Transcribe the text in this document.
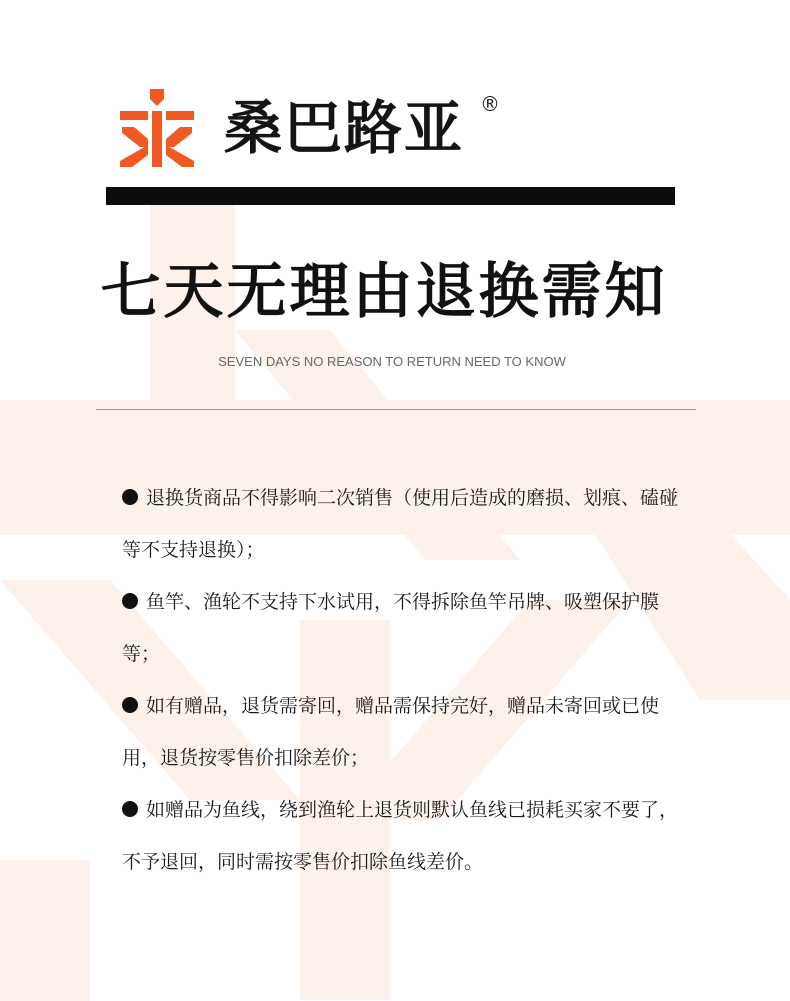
桑巴路亚 ®
七天无理由退换需知
SEVEN DAYS NO REASON TO RETURN NEED TO KNOW

退换货商品不得影响二次销售（使用后造成的磨损、划痕、磕碰等不支持退换）；

鱼竿、渔轮不支持下水试用，不得拆除鱼竿吊牌、吸塑保护膜等；

如有赠品，退货需寄回，赠品需保持完好，赠品未寄回或已使用，退货按零售价扣除差价；

如赠品为鱼线，绕到渔轮上退货则默认鱼线已损耗买家不要了，不予退回，同时需按零售价扣除鱼线差价。
